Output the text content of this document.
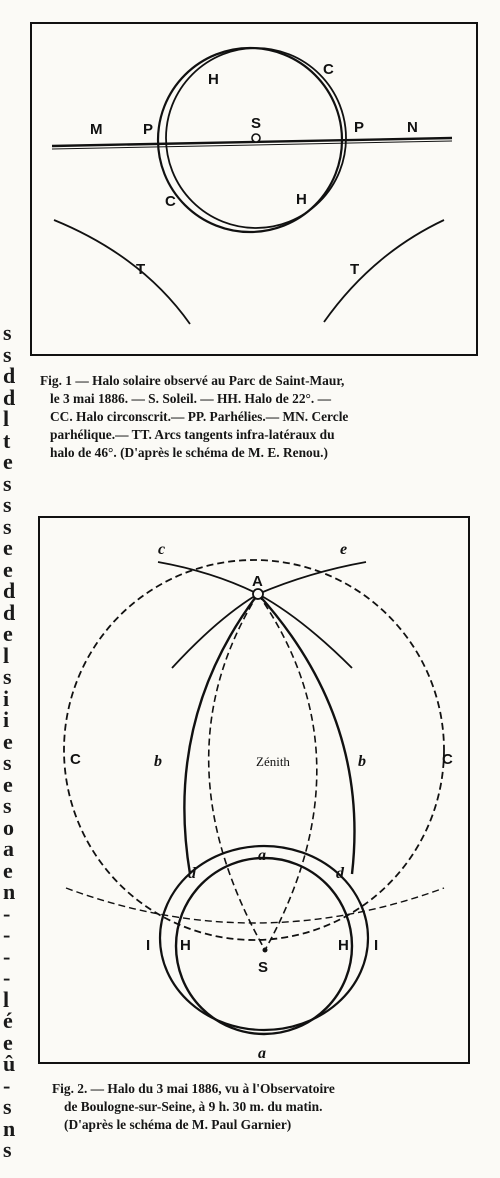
s
s
d
d
l
t
e
s
s
s
e
e
d
d
e
l
s
i
i
e
s
e
s
o
a
e
n
-
-
-
-
l
é
e
û
-
s
n
s
H
C
S
M	P	P	N
C	H
T	T
Fig. 1 — Halo solaire observé au Parc de Saint-Maur,
le 3 mai 1886. — S. Soleil. — HH. Halo de 22°. —
CC. Halo circonscrit.— PP. Parhélies.— MN. Cercle
parhélique.— TT. Arcs tangents infra-latéraux du
halo de 46°. (D'après le schéma de M. E. Renou.)
c	e
A
C	b	Zénith	b	C
a
d	d
I H
S
H I
a
Fig. 2. — Halo du 3 mai 1886, vu à l'Observatoire
de Boulogne-sur-Seine, à 9 h. 30 m. du matin.
(D'après le schéma de M. Paul Garnier)
